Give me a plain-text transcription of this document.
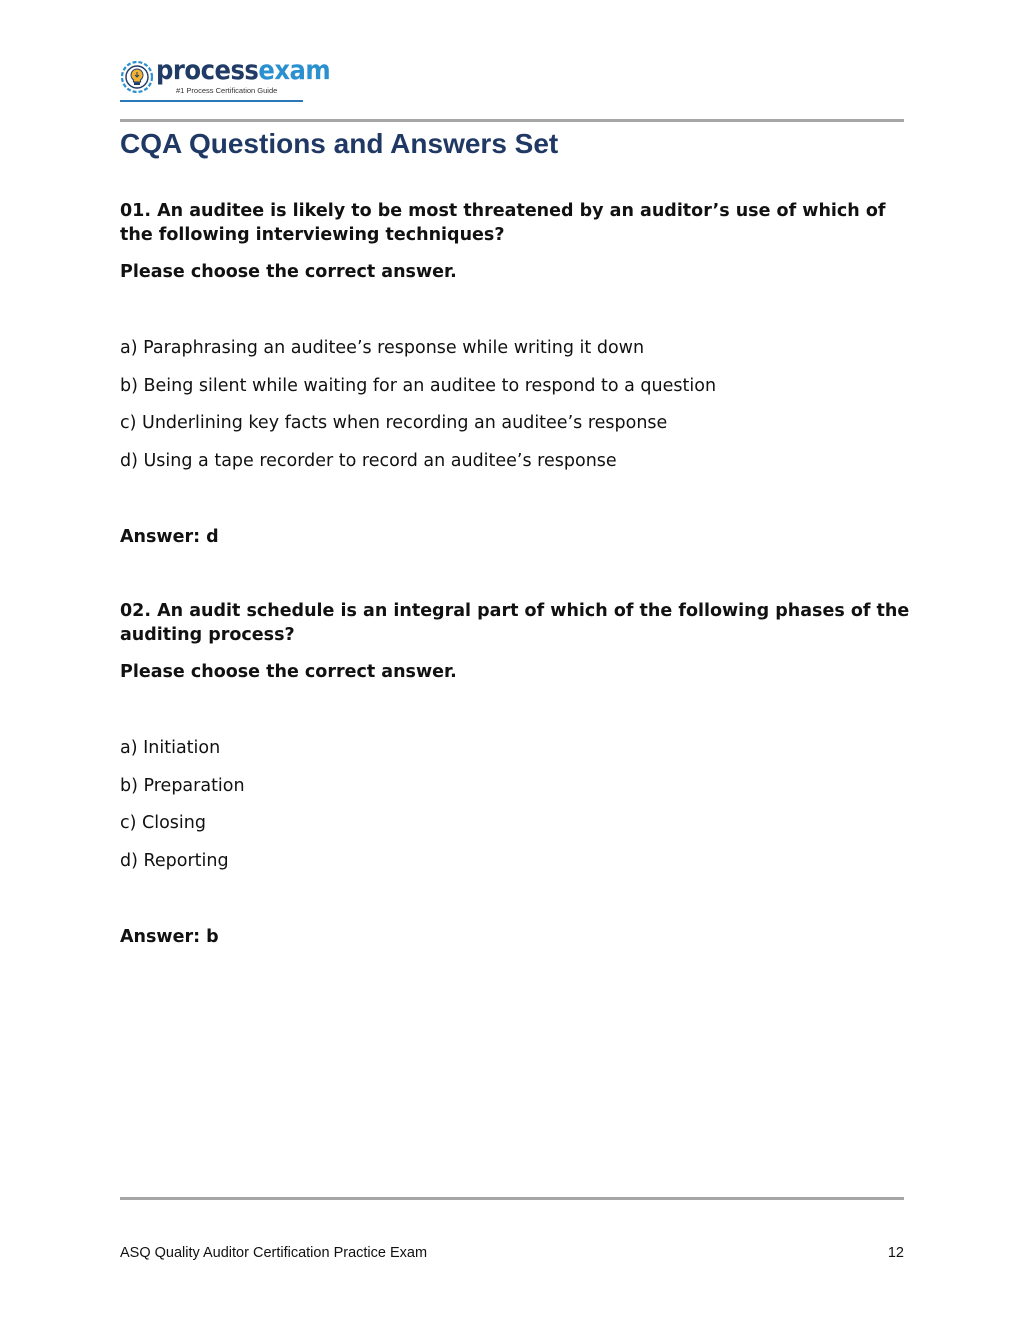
processexam
#1 Process Certification Guide
CQA Questions and Answers Set

01. An auditee is likely to be most threatened by an auditor’s use of which of the following interviewing techniques?

Please choose the correct answer.

a) Paraphrasing an auditee’s response while writing it down
b) Being silent while waiting for an auditee to respond to a question
c) Underlining key facts when recording an auditee’s response
d) Using a tape recorder to record an auditee’s response

Answer: d

02. An audit schedule is an integral part of which of the following phases of the auditing process?

Please choose the correct answer.

a) Initiation
b) Preparation
c) Closing
d) Reporting

Answer: b

ASQ Quality Auditor Certification Practice Exam	12
